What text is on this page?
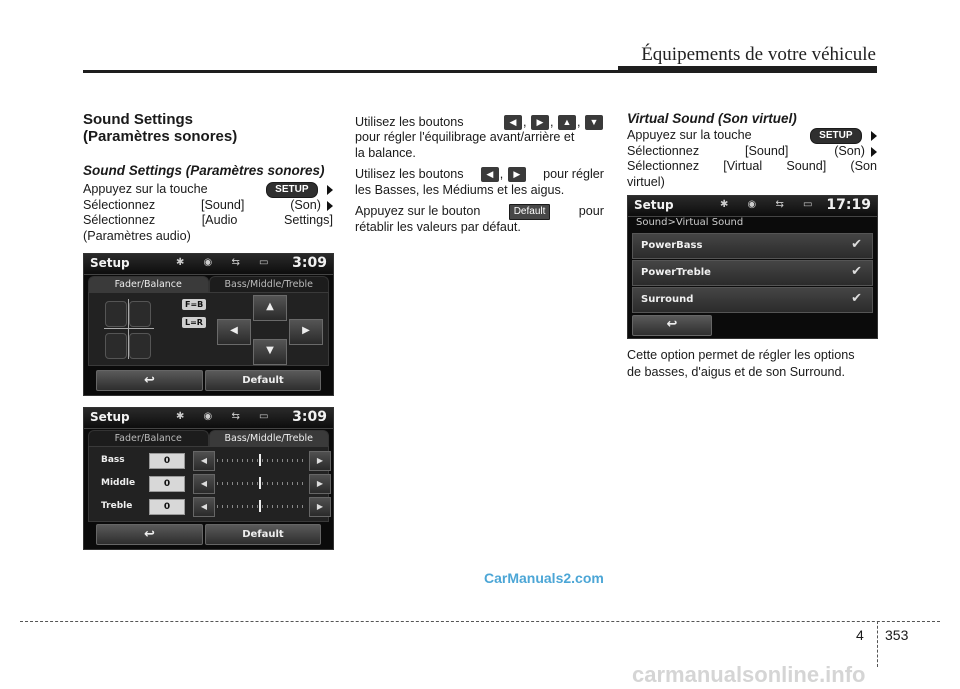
Équipements de votre véhicule
Sound Settings
(Paramètres sonores)
Sound Settings (Paramètres sonores)
Appuyez sur la touche	SETUP
Sélectionnez	[Sound]	(Son)
Sélectionnez	[Audio	Settings]
(Paramètres audio)
Setup	✱ ◉ ⇆ ▭ 3:09
Fader/Balance	Bass/Middle/Treble
F=B
L=R
▲
◀	▶
▼
↩	Default
Setup	✱ ◉ ⇆ ▭ 3:09
Fader/Balance	Bass/Middle/Treble
Bass	0	◀	▶
Middle	0	◀	▶
Treble	0	◀	▶
↩	Default
Utilisez les boutons	◀ , ▶ , ▲ , ▼
pour régler l'équilibrage avant/arrière et
la balance.
Utilisez les boutons	◀ , ▶	pour régler
les Basses, les Médiums et les aigus.
Appuyez sur le bouton	Default	pour
rétablir les valeurs par défaut.
Virtual Sound (Son virtuel)
Appuyez sur la touche	SETUP
Sélectionnez	[Sound]	(Son)
Sélectionnez [Virtual Sound] (Son
virtuel)
Setup	✱ ◉ ⇆ ▭ 17:19
Sound>Virtual Sound
PowerBass	✔
PowerTreble	✔
Surround	✔
↩
Cette option permet de régler les options
de basses, d'aigus et de son Surround.
CarManuals2.com
4 353
carmanualsonline.info
